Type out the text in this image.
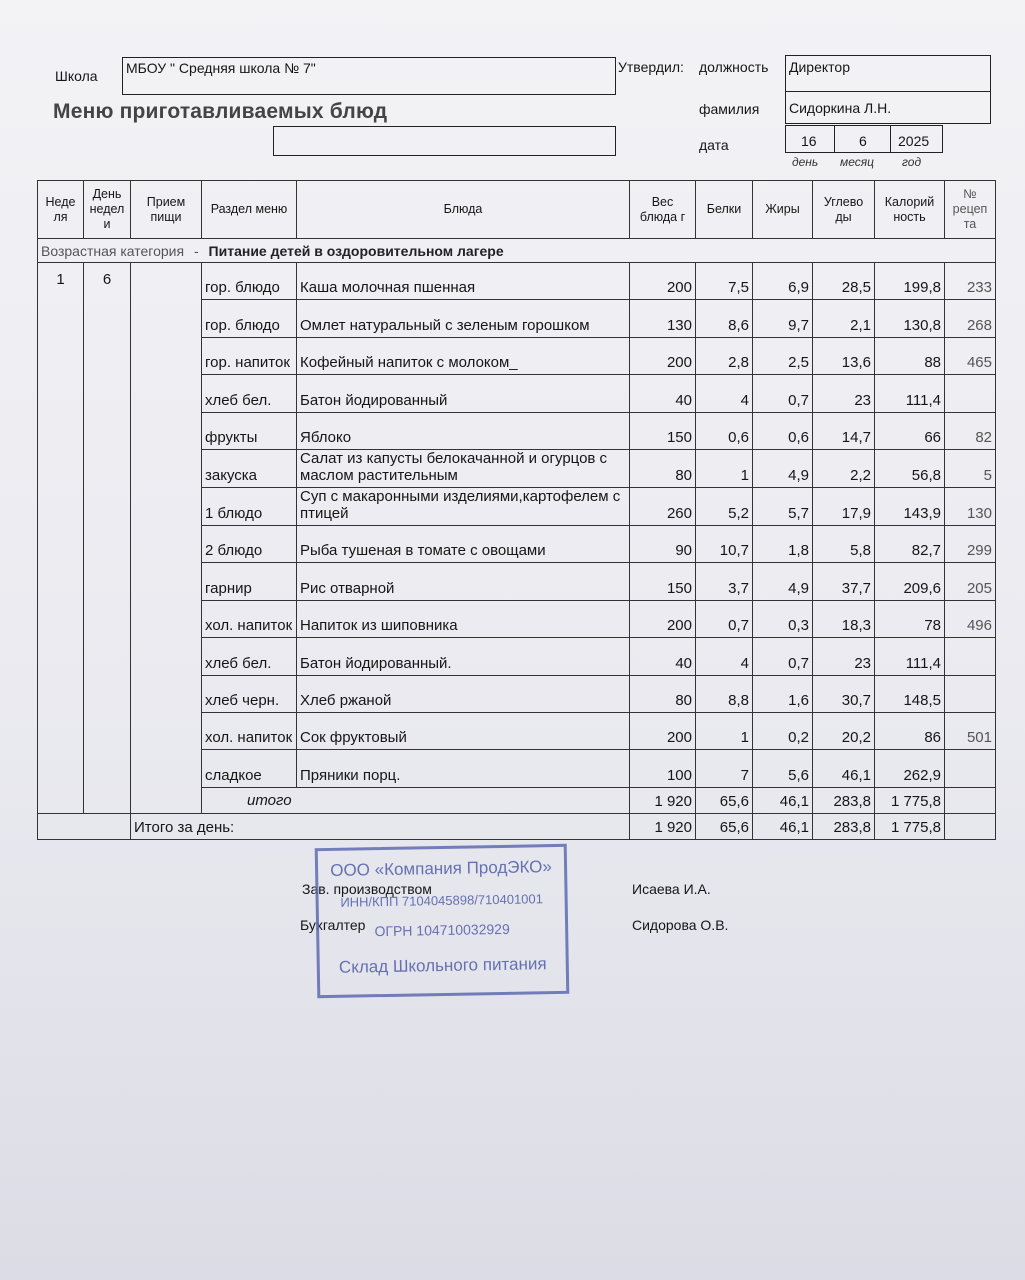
Школа МБОУ " Средняя школа № 7"
Меню приготавливаемых блюд
Утвердил: должность Директор
фамилия Сидоркина Л.Н.
дата	16	6 2025
день месяц год
Неде ля	День недел и	Прием пищи	Раздел меню	Блюда	Вес блюда г	Белки	Жиры	Углево ды	Калорий ность	№ рецеп та
Возрастная категория - Питание детей в оздоровительном лагере										
1	6		гор. блюдо	Каша молочная пшенная	200	7,5	6,9	28,5	199,8	233
			гор. блюдо	Омлет натуральный с зеленым горошком	130	8,6	9,7	2,1	130,8	268
			гор. напиток	Кофейный напиток с молоком_	200	2,8	2,5	13,6	88	465
			хлеб бел.	Батон йодированный	40	4	0,7	23	111,4	
			фрукты	Яблоко	150	0,6	0,6	14,7	66	82
			закуска	Салат из капусты белокачанной и огурцов с маслом растительным	80	1	4,9	2,2	56,8	5
			1 блюдо	Суп с макаронными изделиями,картофелем с птицей	260	5,2	5,7	17,9	143,9	130
			2 блюдо	Рыба тушеная в томате с овощами	90	10,7	1,8	5,8	82,7	299
			гарнир	Рис отварной	150	3,7	4,9	37,7	209,6	205
			хол. напиток	Напиток из шиповника	200	0,7	0,3	18,3	78	496
			хлеб бел.	Батон йодированный.	40	4	0,7	23	111,4	
			хлеб черн.	Хлеб ржаной	80	8,8	1,6	30,7	148,5	
			хол. напиток	Сок фруктовый	200	1	0,2	20,2	86	501
			сладкое	Пряники порц.	100	7	5,6	46,1	262,9	
			итого		1 920	65,6	46,1	283,8	1 775,8	
		Итого за день:			1 920	65,6	46,1	283,8	1 775,8	
Зав. производством	Исаева И.А.
Бухгалтер	Сидорова О.В.
ООО «Компания ПродЭКО»
ИНН/КПП 7104045898/710401001
ОГРН 104710032929
Склад Школьного питания
